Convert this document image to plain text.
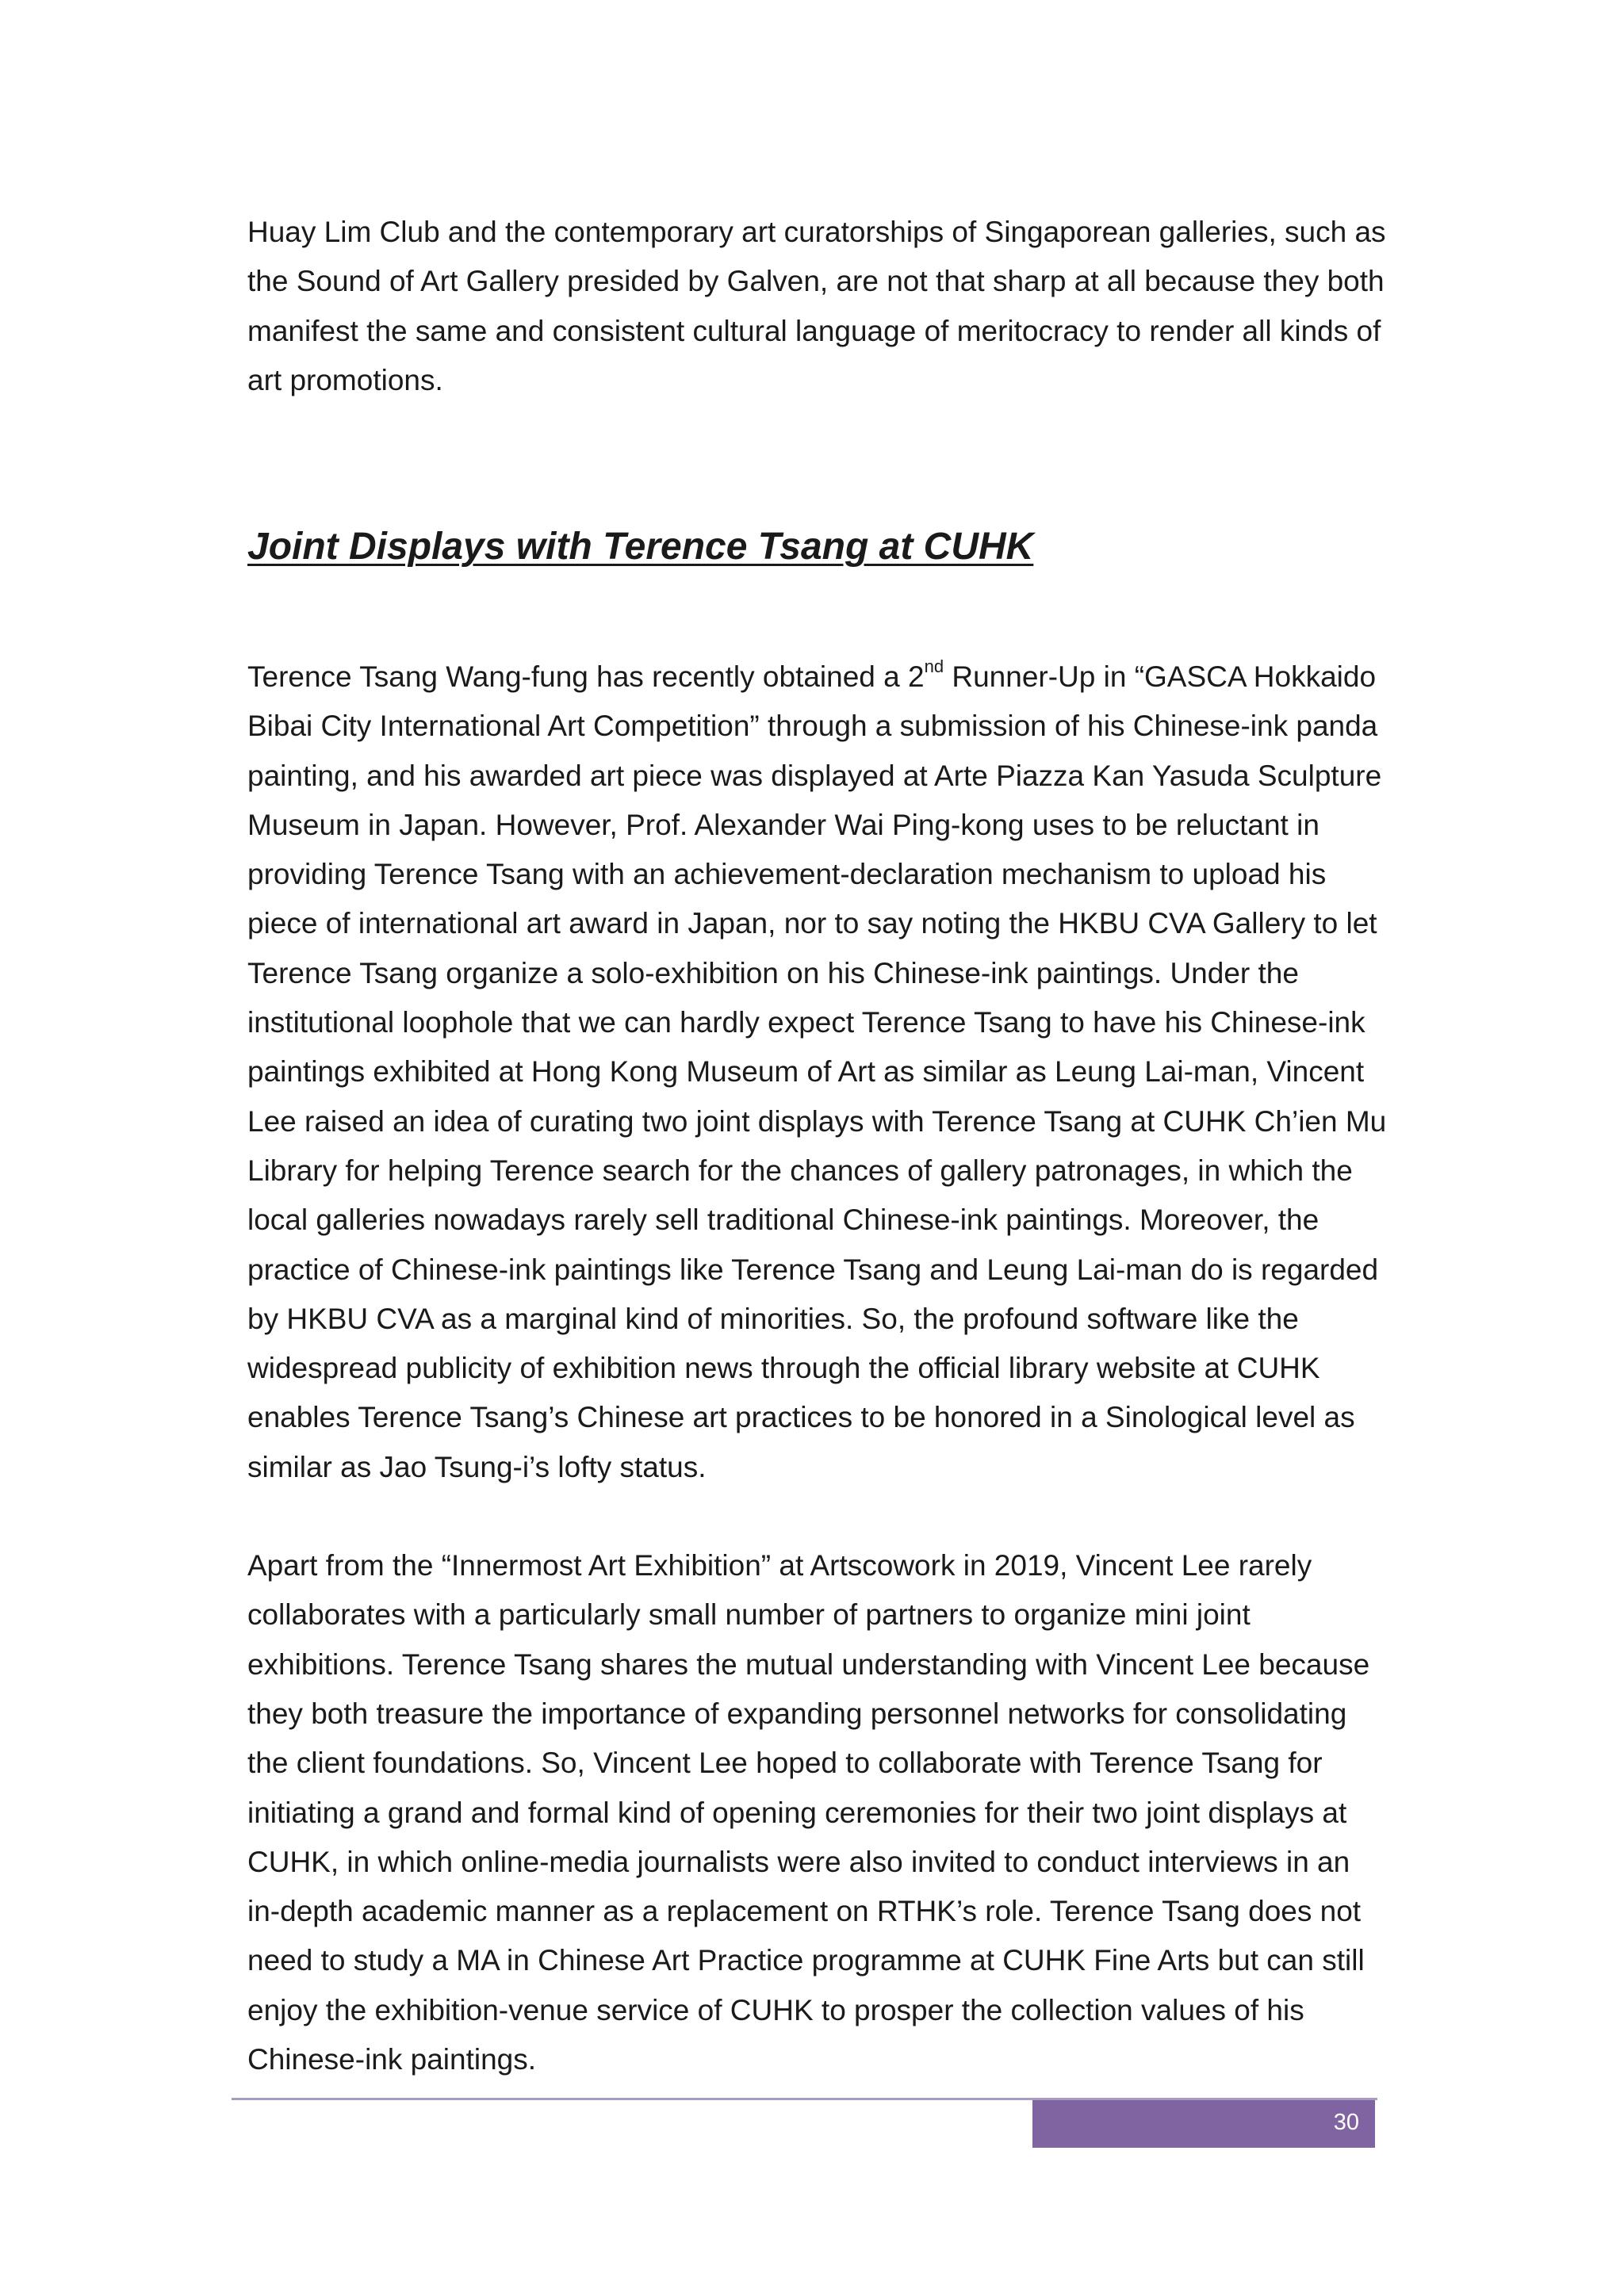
Huay Lim Club and the contemporary art curatorships of Singaporean galleries, such as the Sound of Art Gallery presided by Galven, are not that sharp at all because they both manifest the same and consistent cultural language of meritocracy to render all kinds of art promotions.

Joint Displays with Terence Tsang at CUHK

Terence Tsang Wang-fung has recently obtained a 2nd Runner-Up in “GASCA Hokkaido Bibai City International Art Competition” through a submission of his Chinese-ink panda painting, and his awarded art piece was displayed at Arte Piazza Kan Yasuda Sculpture Museum in Japan. However, Prof. Alexander Wai Ping-kong uses to be reluctant in providing Terence Tsang with an achievement-declaration mechanism to upload his piece of international art award in Japan, nor to say noting the HKBU CVA Gallery to let Terence Tsang organize a solo-exhibition on his Chinese-ink paintings. Under the institutional loophole that we can hardly expect Terence Tsang to have his Chinese-ink paintings exhibited at Hong Kong Museum of Art as similar as Leung Lai-man, Vincent Lee raised an idea of curating two joint displays with Terence Tsang at CUHK Ch’ien Mu Library for helping Terence search for the chances of gallery patronages, in which the local galleries nowadays rarely sell traditional Chinese-ink paintings. Moreover, the practice of Chinese-ink paintings like Terence Tsang and Leung Lai-man do is regarded by HKBU CVA as a marginal kind of minorities. So, the profound software like the widespread publicity of exhibition news through the official library website at CUHK enables Terence Tsang’s Chinese art practices to be honored in a Sinological level as similar as Jao Tsung-i’s lofty status.

Apart from the “Innermost Art Exhibition” at Artscowork in 2019, Vincent Lee rarely collaborates with a particularly small number of partners to organize mini joint exhibitions. Terence Tsang shares the mutual understanding with Vincent Lee because they both treasure the importance of expanding personnel networks for consolidating the client foundations. So, Vincent Lee hoped to collaborate with Terence Tsang for initiating a grand and formal kind of opening ceremonies for their two joint displays at CUHK, in which online-media journalists were also invited to conduct interviews in an in-depth academic manner as a replacement on RTHK’s role. Terence Tsang does not need to study a MA in Chinese Art Practice programme at CUHK Fine Arts but can still enjoy the exhibition-venue service of CUHK to prosper the collection values of his Chinese-ink paintings.

30
